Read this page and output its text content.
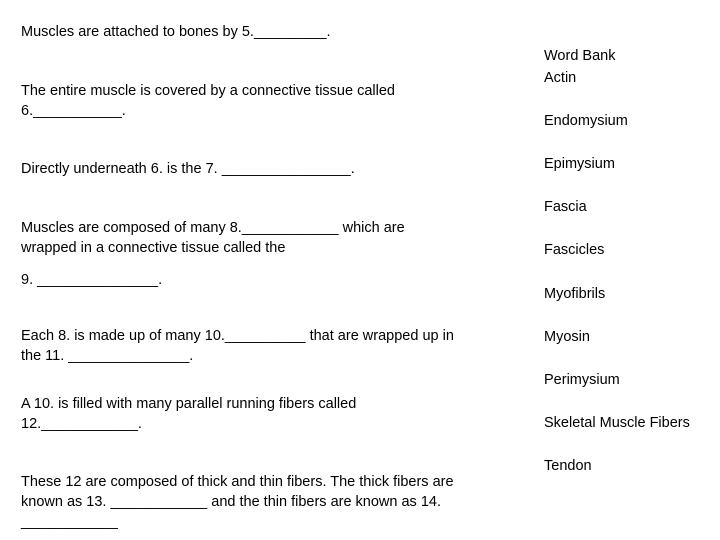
Muscles are attached to bones by 5._________.

The entire muscle is covered by a connective tissue called
6.___________.

Directly underneath 6. is the 7. ________________.

Muscles are composed of many 8.____________ which are
wrapped in a connective tissue called the

9. _______________.

Each 8. is made up of many 10.__________ that are wrapped up in
the 11. _______________.

A 10. is filled with many parallel running fibers called
12.____________.

These 12 are composed of thick and thin fibers. The thick fibers are
known as 13. ____________ and the thin fibers are known as 14.
____________

Word Bank

Actin

Endomysium

Epimysium

Fascia

Fascicles

Myofibrils

Myosin

Perimysium

Skeletal Muscle Fibers

Tendon
